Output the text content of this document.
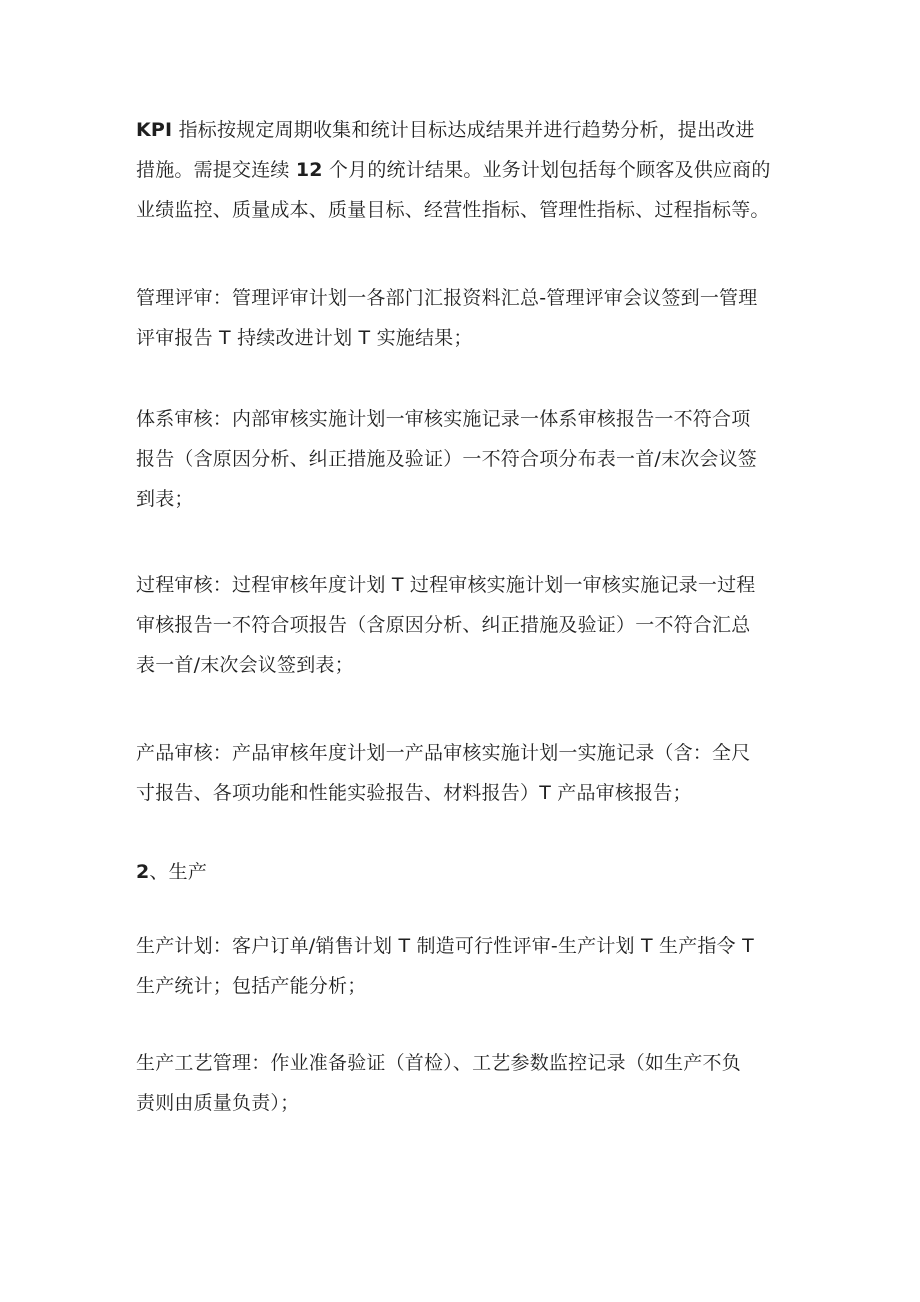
KPI 指标按规定周期收集和统计目标达成结果并进行趋势分析，提出改进
措施。需提交连续 12 个月的统计结果。业务计划包括每个顾客及供应商的
业绩监控、质量成本、质量目标、经营性指标、管理性指标、过程指标等。
管理评审：管理评审计划一各部门汇报资料汇总-管理评审会议签到一管理
评审报告 T 持续改进计划 T 实施结果；
体系审核：内部审核实施计划一审核实施记录一体系审核报告一不符合项
报告（含原因分析、纠正措施及验证）一不符合项分布表一首/末次会议签
到表；
过程审核：过程审核年度计划 T 过程审核实施计划一审核实施记录一过程
审核报告一不符合项报告（含原因分析、纠正措施及验证）一不符合汇总
表一首/末次会议签到表；
产品审核：产品审核年度计划一产品审核实施计划一实施记录（含：全尺
寸报告、各项功能和性能实验报告、材料报告）T 产品审核报告；
2、生产
生产计划：客户订单/销售计划 T 制造可行性评审-生产计划 T 生产指令 T
生产统计；包括产能分析；
生产工艺管理：作业准备验证（首检）、工艺参数监控记录（如生产不负
责则由质量负责）；
